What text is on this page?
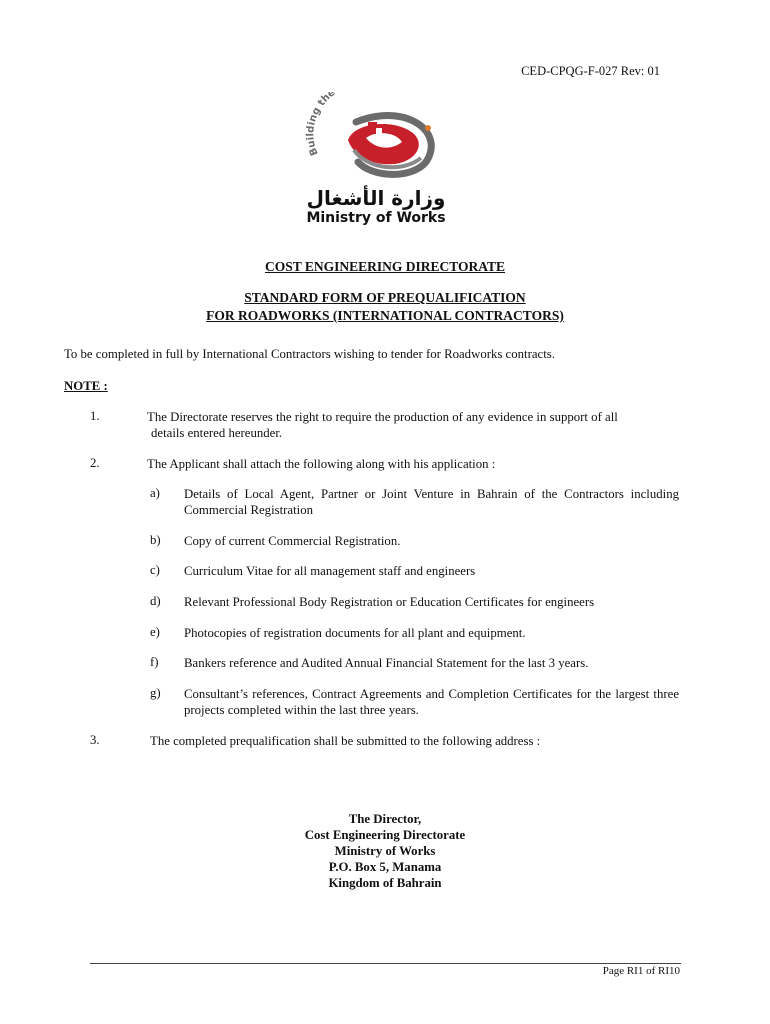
CED-CPQG-F-027 Rev: 01
Building the
وزارة الأشغال
Ministry of Works
COST ENGINEERING DIRECTORATE
STANDARD FORM OF PREQUALIFICATION
FOR ROADWORKS (INTERNATIONAL CONTRACTORS)
To be completed in full by International Contractors wishing to tender for Roadworks contracts.
NOTE :
1.	The Directorate reserves the right to require the production of any evidence in support of all
details entered hereunder.
2.	The Applicant shall attach the following along with his application :
a) Details of Local Agent, Partner or Joint Venture in Bahrain of the Contractors including Commercial Registration
b) Copy of current Commercial Registration.
c) Curriculum Vitae for all management staff and engineers
d) Relevant Professional Body Registration or Education Certificates for engineers
e) Photocopies of registration documents for all plant and equipment.
f) Bankers reference and Audited Annual Financial Statement for the last 3 years.
g) Consultant’s references, Contract Agreements and Completion Certificates for the largest three projects completed within the last three years.
3.	The completed prequalification shall be submitted to the following address :
The Director,
Cost Engineering Directorate
Ministry of Works
P.O. Box 5, Manama
Kingdom of Bahrain
Page RI1 of RI10
